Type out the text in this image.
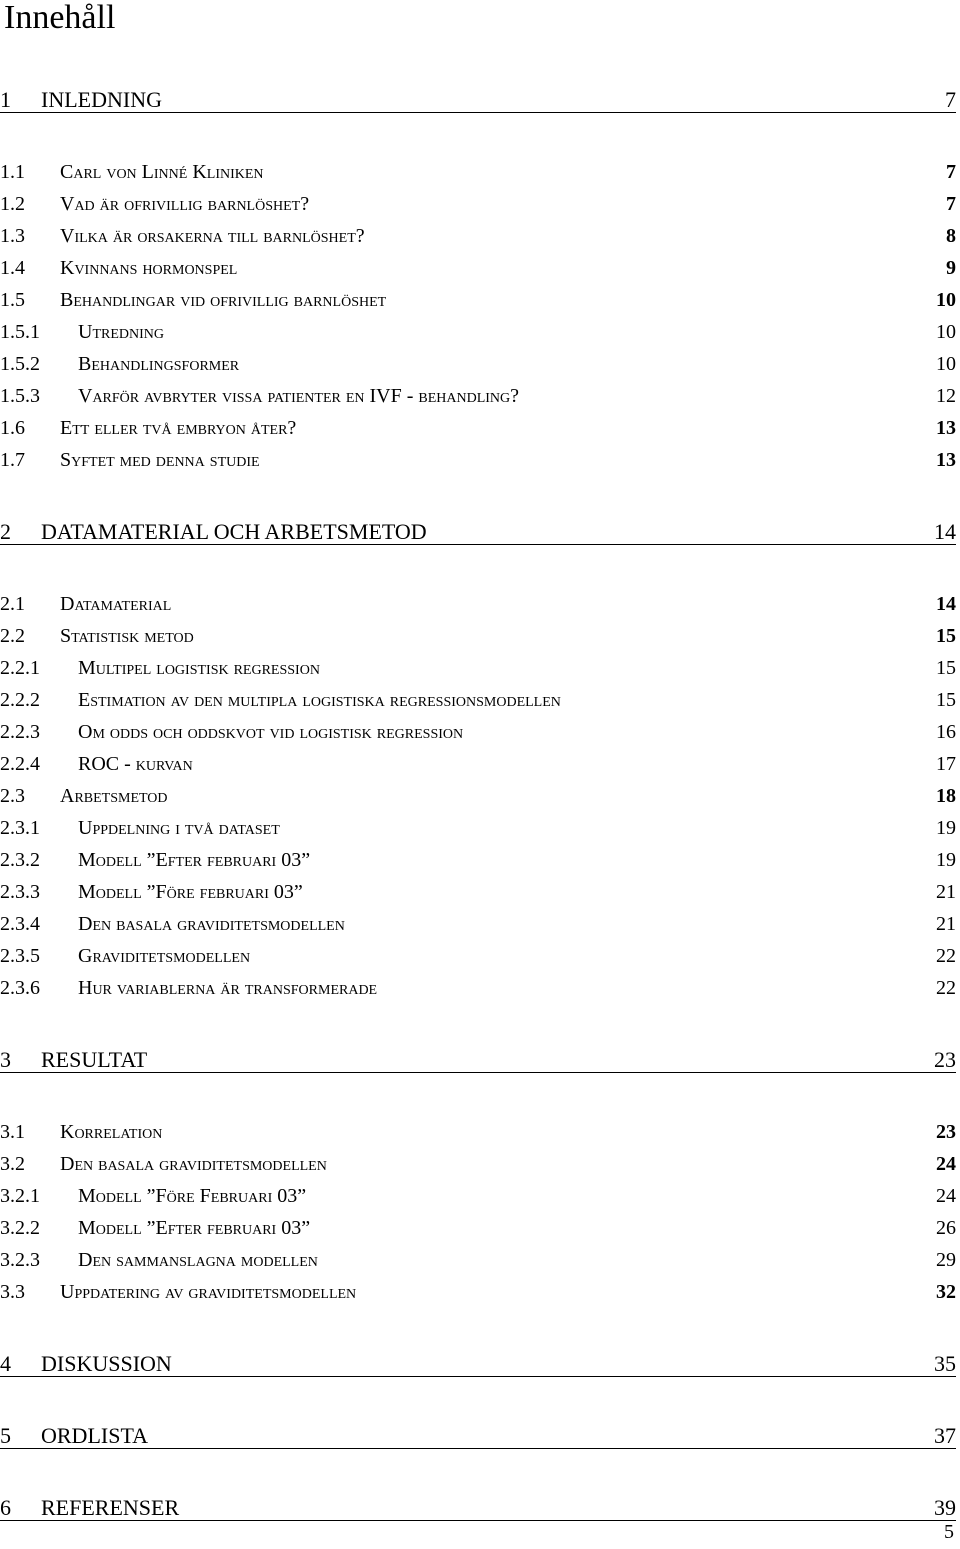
Innehåll
1	INLEDNING	7
1.1	Carl von Linné Kliniken	7
1.2	Vad är ofrivillig barnlöshet?	7
1.3	Vilka är orsakerna till barnlöshet?	8
1.4	Kvinnans hormonspel	9
1.5	Behandlingar vid ofrivillig barnlöshet	10
1.5.1	Utredning	10
1.5.2	Behandlingsformer	10
1.5.3	Varför avbryter vissa patienter en IVF - behandling?	12
1.6	Ett eller två embryon åter?	13
1.7	Syftet med denna studie	13
2	DATAMATERIAL OCH ARBETSMETOD	14
2.1	Datamaterial	14
2.2	Statistisk metod	15
2.2.1	Multipel logistisk regression	15
2.2.2	Estimation av den multipla logistiska regressionsmodellen	15
2.2.3	Om odds och oddskvot vid logistisk regression	16
2.2.4	ROC - kurvan	17
2.3	Arbetsmetod	18
2.3.1	Uppdelning i två dataset	19
2.3.2	Modell ”Efter februari 03”	19
2.3.3	Modell ”Före februari 03”	21
2.3.4	Den basala graviditetsmodellen	21
2.3.5	Graviditetsmodellen	22
2.3.6	Hur variablerna är transformerade	22
3	RESULTAT	23
3.1	Korrelation	23
3.2	Den basala graviditetsmodellen	24
3.2.1	Modell ”Före Februari 03”	24
3.2.2	Modell ”Efter februari 03”	26
3.2.3	Den sammanslagna modellen	29
3.3	Uppdatering av graviditetsmodellen	32
4	DISKUSSION	35
5	ORDLISTA	37
6	REFERENSER	39
5
